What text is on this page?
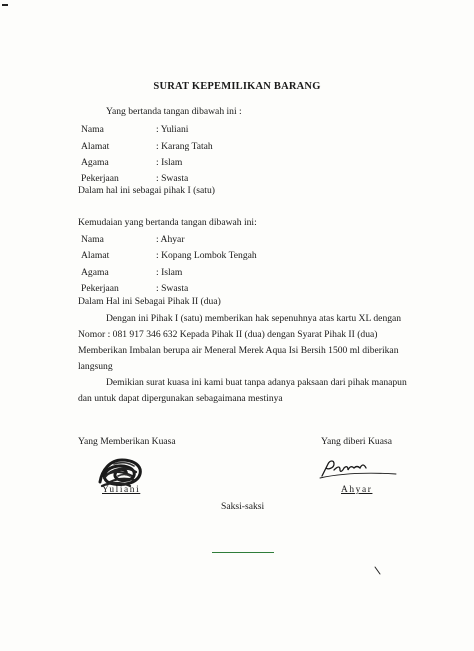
SURAT KEPEMILIKAN BARANG
Yang bertanda tangan dibawah ini :
Nama	: Yuliani
Alamat	: Karang Tatah
Agama	: Islam
Pekerjaan	: Swasta
Dalam hal ini sebagai pihak I (satu)
Kemudaian yang bertanda tangan dibawah ini:
Nama	: Ahyar
Alamat	: Kopang Lombok Tengah
Agama	: Islam
Pekerjaan	: Swasta
Dalam Hal ini Sebagai Pihak II (dua)
Dengan ini Pihak I (satu) memberikan hak sepenuhnya atas kartu XL dengan
Nomor : 081 917 346 632 Kepada Pihak II (dua) dengan Syarat Pihak II (dua)
Memberikan Imbalan berupa air Meneral Merek Aqua Isi Bersih 1500 ml diberikan
langsung
Demikian surat kuasa ini kami buat tanpa adanya paksaan dari pihak manapun
dan untuk dapat dipergunakan sebagaimana mestinya
Yang Memberikan Kuasa	Yang diberi Kuasa
Yuliani	Ahyar
Saksi-saksi
